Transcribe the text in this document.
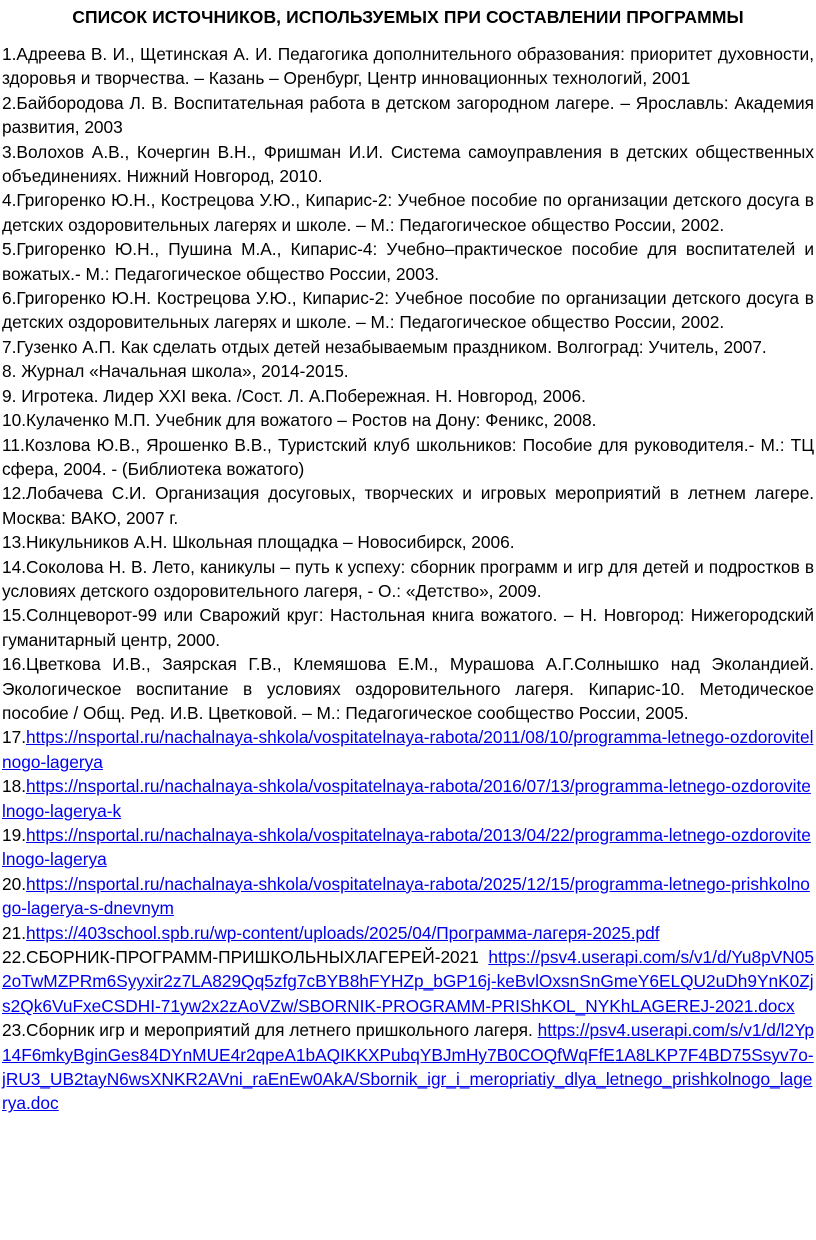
СПИСОК ИСТОЧНИКОВ, ИСПОЛЬЗУЕМЫХ ПРИ СОСТАВЛЕНИИ ПРОГРАММЫ
1.Адреева В. И., Щетинская А. И. Педагогика дополнительного образования: приоритет духовности, здоровья и творчества. – Казань – Оренбург, Центр инновационных технологий, 2001
2.Байбородова Л. В. Воспитательная работа в детском загородном лагере. – Ярославль: Академия развития, 2003
3.Волохов А.В., Кочергин В.Н., Фришман И.И. Система самоуправления в детских общественных объединениях. Нижний Новгород, 2010.
4.Григоренко Ю.Н., Кострецова У.Ю., Кипарис-2: Учебное пособие по организации детского досуга в детских оздоровительных лагерях и школе. – М.: Педагогическое общество России, 2002.
5.Григоренко Ю.Н., Пушина М.А., Кипарис-4: Учебно–практическое пособие для воспитателей и вожатых.- М.: Педагогическое общество России, 2003.
6.Григоренко Ю.Н. Кострецова У.Ю., Кипарис-2: Учебное пособие по организации детского досуга в детских оздоровительных лагерях и школе. – М.: Педагогическое общество России, 2002.
7.Гузенко А.П. Как сделать отдых детей незабываемым праздником. Волгоград: Учитель, 2007.
8. Журнал «Начальная школа», 2014-2015.
9. Игротека. Лидер XXI века. /Сост. Л. А.Побережная. Н. Новгород, 2006.
10.Кулаченко М.П. Учебник для вожатого – Ростов на Дону: Феникс, 2008.
11.Козлова Ю.В., Ярошенко В.В., Туристский клуб школьников: Пособие для руководителя.- М.: ТЦ сфера, 2004. - (Библиотека вожатого)
12.Лобачева С.И. Организация досуговых, творческих и игровых мероприятий в летнем лагере. Москва: ВАКО, 2007 г.
13.Никульников А.Н. Школьная площадка – Новосибирск, 2006.
14.Соколова Н. В. Лето, каникулы – путь к успеху: сборник программ и игр для детей и подростков в условиях детского оздоровительного лагеря, - О.: «Детство», 2009.
15.Солнцеворот-99 или Сварожий круг: Настольная книга вожатого. – Н. Новгород: Нижегородский гуманитарный центр, 2000.
16.Цветкова И.В., Заярская Г.В., Клемяшова Е.М., Мурашова А.Г.Солнышко над Эколандией. Экологическое воспитание в условиях оздоровительного лагеря. Кипарис-10. Методическое пособие / Общ. Ред. И.В. Цветковой. – М.: Педагогическое сообщество России, 2005.
17.https://nsportal.ru/nachalnaya-shkola/vospitatelnaya-rabota/2011/08/10/programma-letnego-ozdorovitelnogo-lagerya
18.https://nsportal.ru/nachalnaya-shkola/vospitatelnaya-rabota/2016/07/13/programma-letnego-ozdorovitelnogo-lagerya-k
19.https://nsportal.ru/nachalnaya-shkola/vospitatelnaya-rabota/2013/04/22/programma-letnego-ozdorovitelnogo-lagerya
20.https://nsportal.ru/nachalnaya-shkola/vospitatelnaya-rabota/2025/12/15/programma-letnego-prishkolnogo-lagerya-s-dnevnym
21.https://403school.spb.ru/wp-content/uploads/2025/04/Программа-лагеря-2025.pdf
22.СБОРНИК-ПРОГРАММ-ПРИШКОЛЬНЫХЛАГЕРЕЙ-2021 https://psv4.userapi.com/s/v1/d/Yu8pVN052oTwMZPRm6Syyxir2z7LA829Qq5zfg7cBYB8hFYHZp_bGP16j-keBvlOxsnSnGmeY6ELQU2uDh9YnK0Zjs2Qk6VuFxeCSDHI-71yw2x2zAoVZw/SBORNIK-PROGRAMM-PRIShKOL_NYKhLAGEREJ-2021.docx
23.Сборник игр и мероприятий для летнего пришкольного лагеря. https://psv4.userapi.com/s/v1/d/l2Yp14F6mkyBginGes84DYnMUE4r2qpeA1bAQIKKXPubqYBJmHy7B0COQfWqFfE1A8LKP7F4BD75Ssyv7o-jRU3_UB2tayN6wsXNKR2AVni_raEnEw0AkA/Sbornik_igr_i_meropriatiy_dlya_letnego_prishkolnogo_lagerya.doc
